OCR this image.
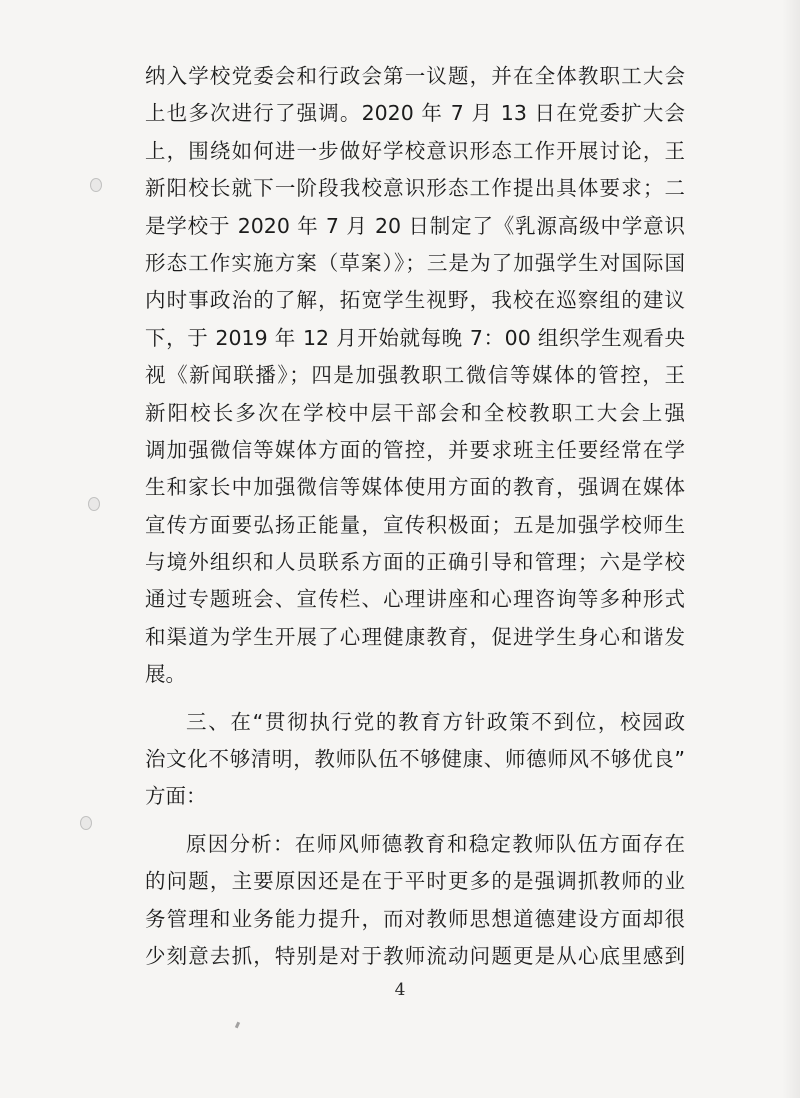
纳入学校党委会和行政会第一议题，并在全体教职工大会
上也多次进行了强调。2020 年 7 月 13 日在党委扩大会
上，围绕如何进一步做好学校意识形态工作开展讨论，王
新阳校长就下一阶段我校意识形态工作提出具体要求；二
是学校于 2020 年 7 月 20 日制定了《乳源高级中学意识
形态工作实施方案（草案）》；三是为了加强学生对国际国
内时事政治的了解，拓宽学生视野，我校在巡察组的建议
下，于 2019 年 12 月开始就每晚 7：00 组织学生观看央
视《新闻联播》；四是加强教职工微信等媒体的管控，王
新阳校长多次在学校中层干部会和全校教职工大会上强
调加强微信等媒体方面的管控，并要求班主任要经常在学
生和家长中加强微信等媒体使用方面的教育，强调在媒体
宣传方面要弘扬正能量，宣传积极面；五是加强学校师生
与境外组织和人员联系方面的正确引导和管理；六是学校
通过专题班会、宣传栏、心理讲座和心理咨询等多种形式
和渠道为学生开展了心理健康教育，促进学生身心和谐发
展。
三、在“贯彻执行党的教育方针政策不到位，校园政
治文化不够清明，教师队伍不够健康、师德师风不够优良”
方面：
原因分析：在师风师德教育和稳定教师队伍方面存在
的问题，主要原因还是在于平时更多的是强调抓教师的业
务管理和业务能力提升，而对教师思想道德建设方面却很
少刻意去抓，特别是对于教师流动问题更是从心底里感到
4
